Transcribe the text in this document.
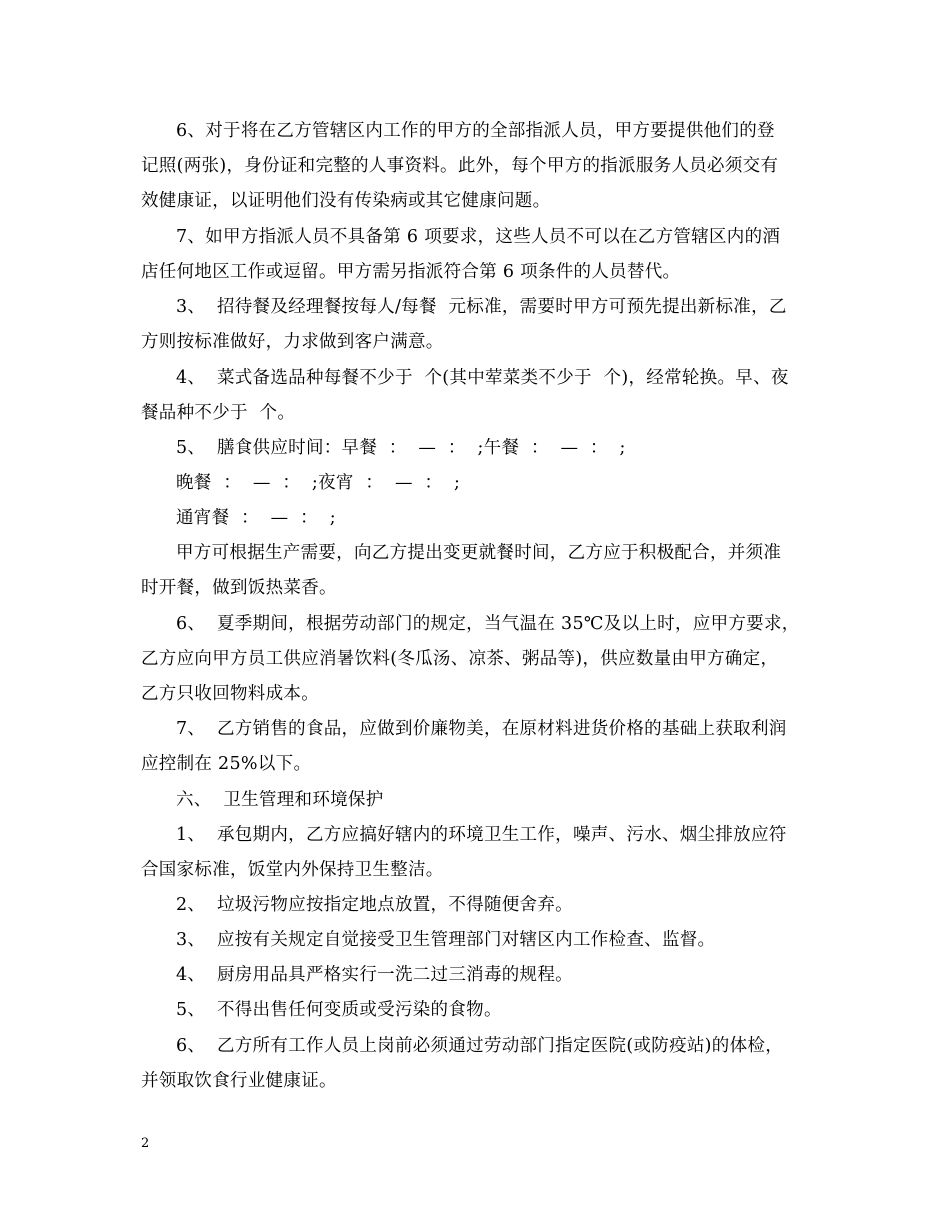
6、对于将在乙方管辖区内工作的甲方的全部指派人员，甲方要提供他们的登
记照(两张)，身份证和完整的人事资料。此外，每个甲方的指派服务人员必须交有
效健康证，以证明他们没有传染病或其它健康问题。
7、如甲方指派人员不具备第 6 项要求，这些人员不可以在乙方管辖区内的酒
店任何地区工作或逗留。甲方需另指派符合第 6 项条件的人员替代。
3、  招待餐及经理餐按每人/每餐  元标准，需要时甲方可预先提出新标准，乙
方则按标准做好，力求做到客户满意。
4、  菜式备选品种每餐不少于  个(其中荤菜类不少于  个)，经常轮换。早、夜
餐品种不少于  个。
5、  膳食供应时间：早餐  ：  —  ：  ;午餐  ：  —  ：  ;
晚餐  ：  —  ：  ;夜宵  ：  —  ：  ;
通宵餐  ：  —  ：  ;
甲方可根据生产需要，向乙方提出变更就餐时间，乙方应于积极配合，并须准
时开餐，做到饭热菜香。
6、  夏季期间，根据劳动部门的规定，当气温在 35℃及以上时，应甲方要求，
乙方应向甲方员工供应消暑饮料(冬瓜汤、凉茶、粥品等)，供应数量由甲方确定，
乙方只收回物料成本。
7、  乙方销售的食品，应做到价廉物美，在原材料进货价格的基础上获取利润
应控制在 25%以下。
六、  卫生管理和环境保护
1、  承包期内，乙方应搞好辖内的环境卫生工作，噪声、污水、烟尘排放应符
合国家标准，饭堂内外保持卫生整洁。
2、  垃圾污物应按指定地点放置，不得随便舍弃。
3、  应按有关规定自觉接受卫生管理部门对辖区内工作检查、监督。
4、  厨房用品具严格实行一洗二过三消毒的规程。
5、  不得出售任何变质或受污染的食物。
6、  乙方所有工作人员上岗前必须通过劳动部门指定医院(或防疫站)的体检，
并领取饮食行业健康证。
2
